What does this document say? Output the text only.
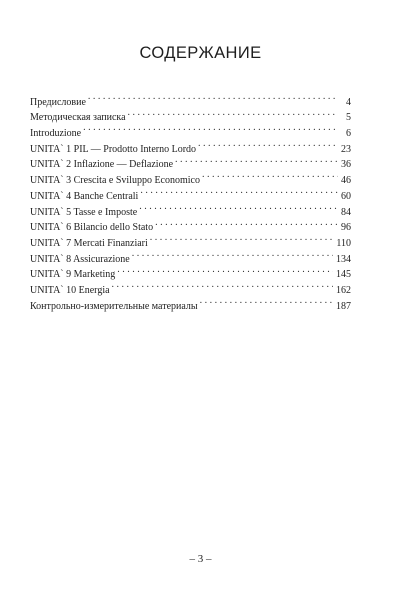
СОДЕРЖАНИЕ
Предисловие . . .	4
Методическая записка . . .	5
Introduzione . . .	6
UNITA` 1 PIL — Prodotto Interno Lordo . . .	23
UNITA` 2 Inflazione — Deflazione . . .	36
UNITA` 3 Crescita e Sviluppo Economico . . .	46
UNITA` 4 Banche Centrali . . .	60
UNITA` 5 Tasse e Imposte . . .	84
UNITA` 6 Bilancio dello Stato . . .	96
UNITA` 7 Mercati Finanziari . . .	110
UNITA` 8 Assicurazione . . .	134
UNITA` 9 Marketing . . .	145
UNITA` 10 Energia . . .	162
Контрольно-измерительные материалы . . .	187
– 3 –
